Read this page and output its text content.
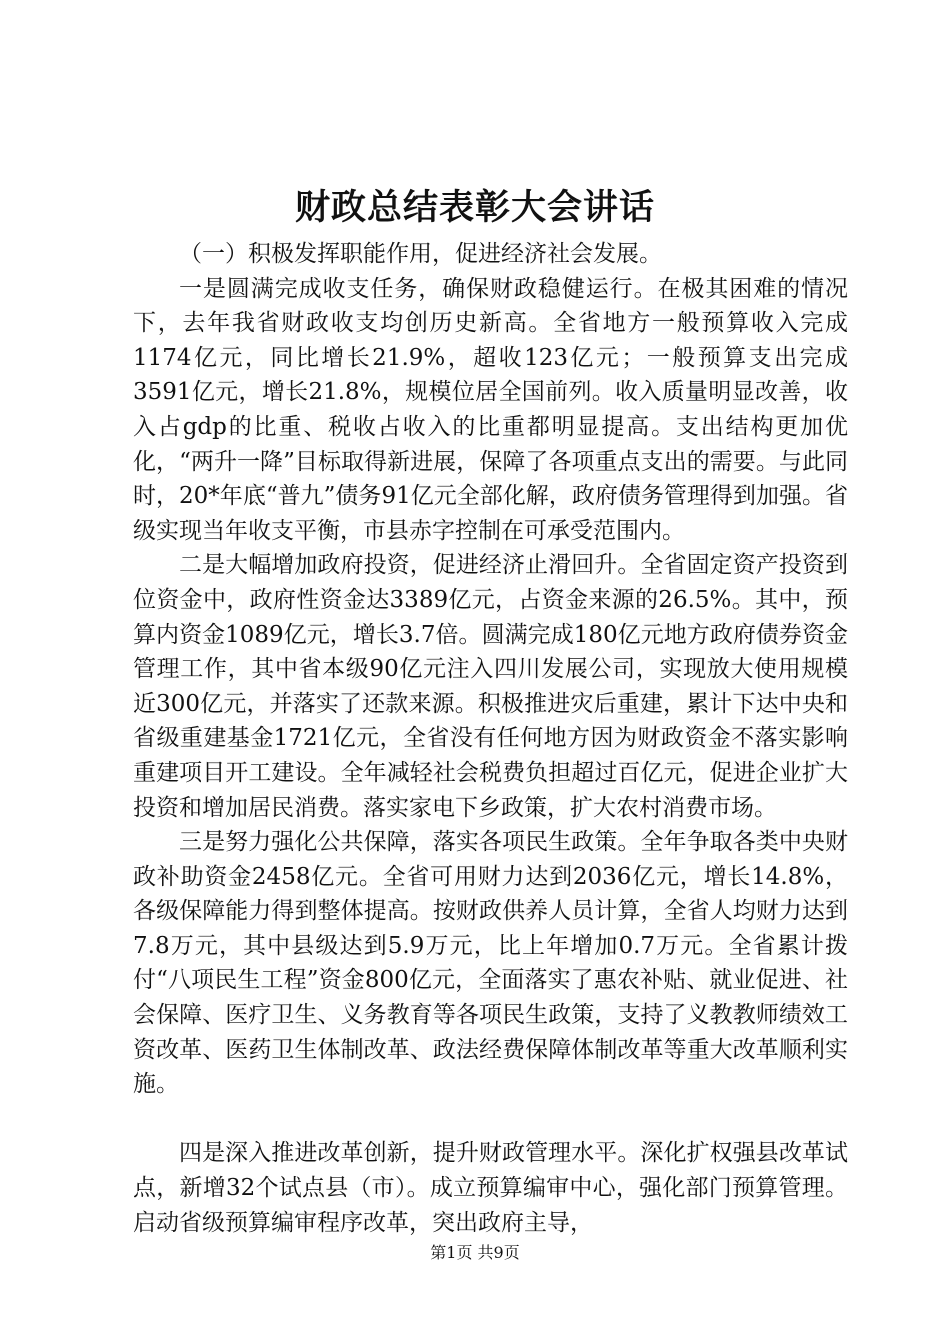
财政总结表彰大会讲话

（一）积极发挥职能作用，促进经济社会发展。

一是圆满完成收支任务，确保财政稳健运行。在极其困难的情况下，去年我省财政收支均创历史新高。全省地方一般预算收入完成1174亿元，同比增长21.9%，超收123亿元；一般预算支出完成3591亿元，增长21.8%，规模位居全国前列。收入质量明显改善，收入占gdp的比重、税收占收入的比重都明显提高。支出结构更加优化，“两升一降”目标取得新进展，保障了各项重点支出的需要。与此同时，20*年底“普九”债务91亿元全部化解，政府债务管理得到加强。省级实现当年收支平衡，市县赤字控制在可承受范围内。

二是大幅增加政府投资，促进经济止滑回升。全省固定资产投资到位资金中，政府性资金达3389亿元，占资金来源的26.5%。其中，预算内资金1089亿元，增长3.7倍。圆满完成180亿元地方政府债券资金管理工作，其中省本级90亿元注入四川发展公司，实现放大使用规模近300亿元，并落实了还款来源。积极推进灾后重建，累计下达中央和省级重建基金1721亿元，全省没有任何地方因为财政资金不落实影响重建项目开工建设。全年减轻社会税费负担超过百亿元，促进企业扩大投资和增加居民消费。落实家电下乡政策，扩大农村消费市场。

三是努力强化公共保障，落实各项民生政策。全年争取各类中央财政补助资金2458亿元。全省可用财力达到2036亿元，增长14.8%，各级保障能力得到整体提高。按财政供养人员计算，全省人均财力达到7.8万元，其中县级达到5.9万元，比上年增加0.7万元。全省累计拨付“八项民生工程”资金800亿元，全面落实了惠农补贴、就业促进、社会保障、医疗卫生、义务教育等各项民生政策，支持了义教教师绩效工资改革、医药卫生体制改革、政法经费保障体制改革等重大改革顺利实施。

四是深入推进改革创新，提升财政管理水平。深化扩权强县改革试点，新增32个试点县（市）。成立预算编审中心，强化部门预算管理。启动省级预算编审程序改革，突出政府主导，

第1页 共9页
